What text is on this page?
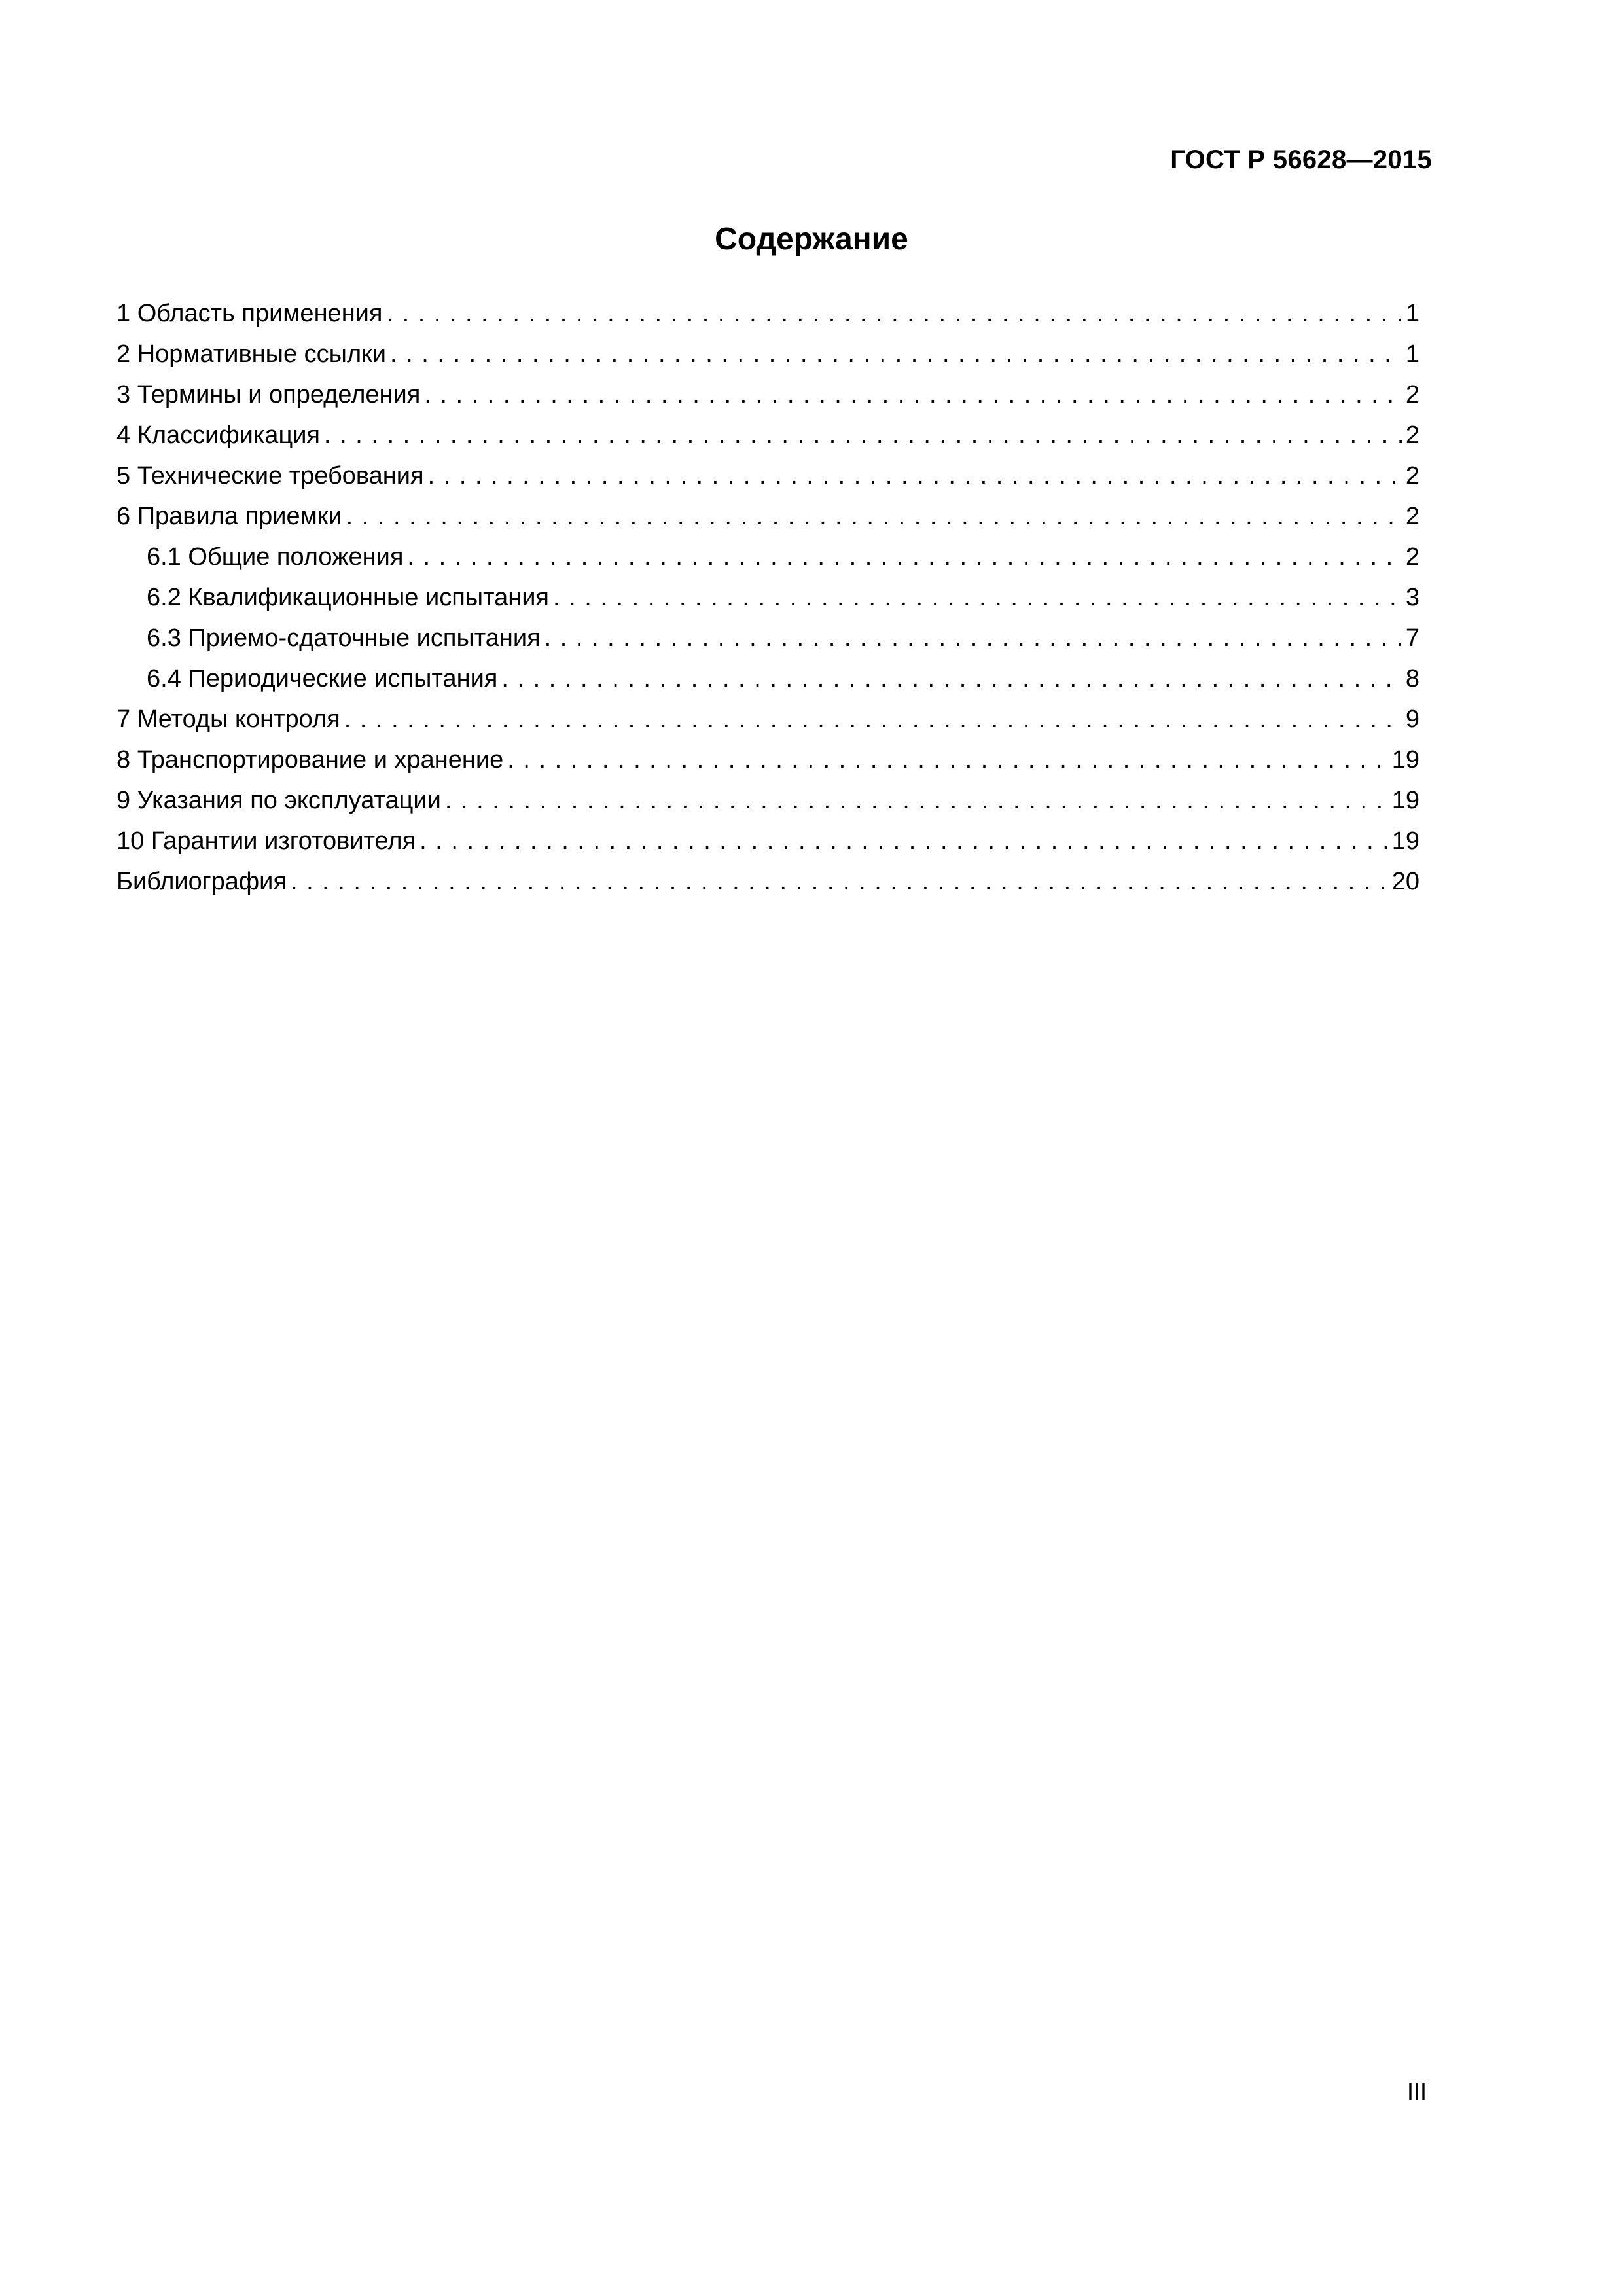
ГОСТ Р 56628—2015
Содержание
1 Область применения . . .	1
2 Нормативные ссылки . . .	1
3 Термины и определения . . .	2
4 Классификация . . .	2
5 Технические требования . . .	2
6 Правила приемки . . .	2
6.1 Общие положения . . .	2
6.2 Квалификационные испытания . . .	3
6.3 Приемо-сдаточные испытания . . .	7
6.4 Периодические испытания . . .	8
7 Методы контроля . . .	9
8 Транспортирование и хранение . . .	19
9 Указания по эксплуатации . . .	19
10 Гарантии изготовителя . . .	19
Библиография . . .	20
III
